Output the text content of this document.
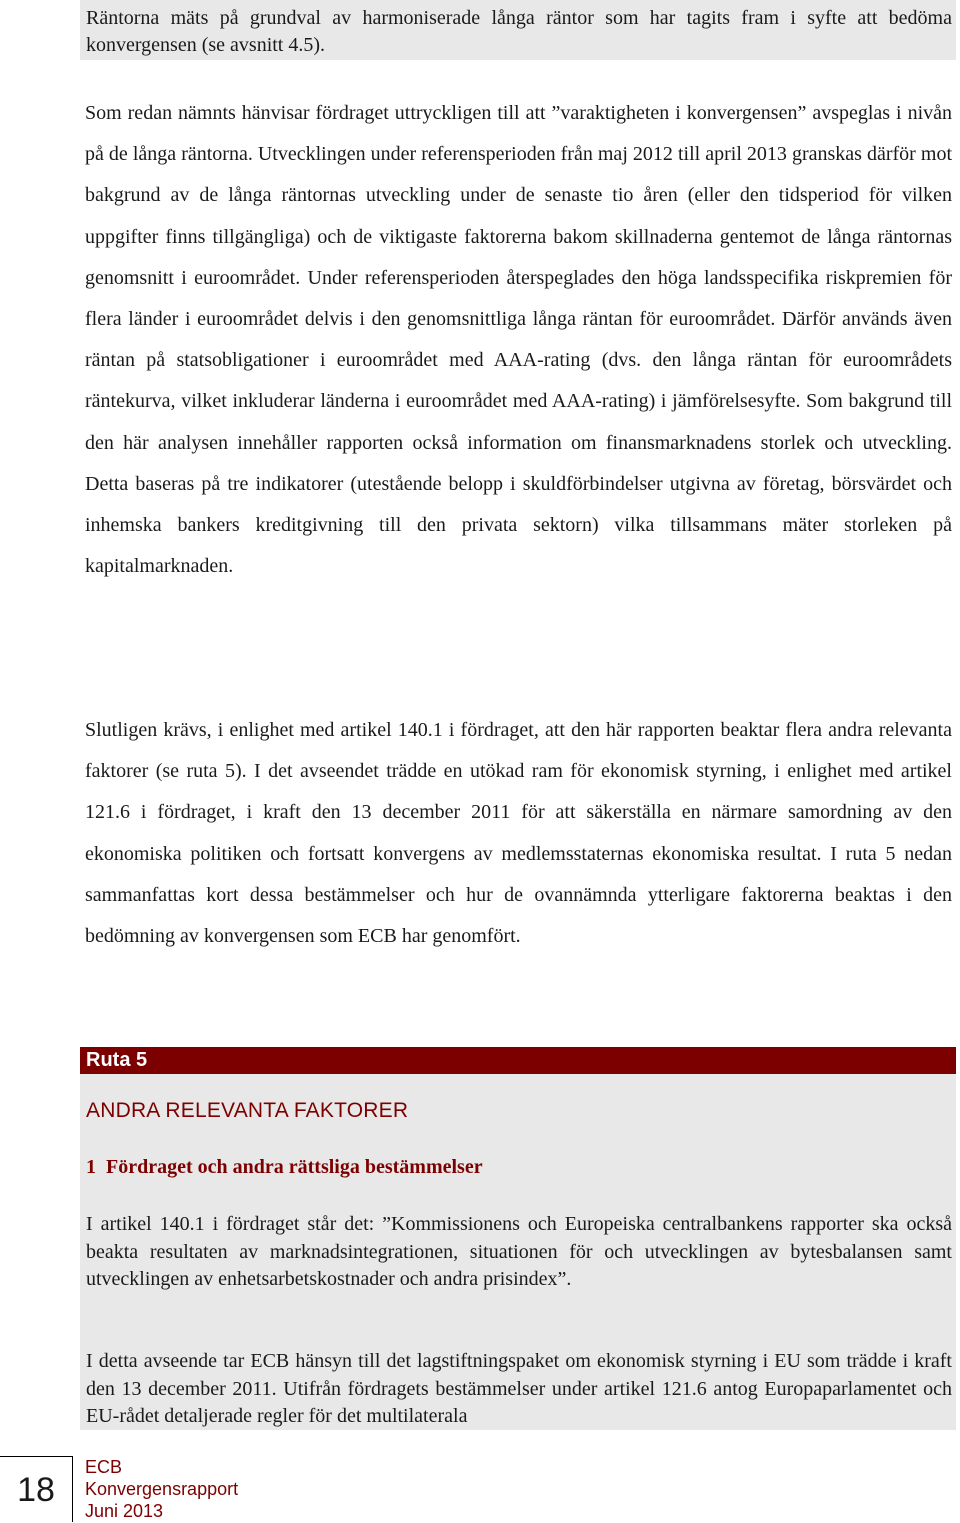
Räntorna mäts på grundval av harmoniserade långa räntor som har tagits fram i syfte att bedöma konvergensen (se avsnitt 4.5).

Som redan nämnts hänvisar fördraget uttryckligen till att ”varaktigheten i konvergensen” avspeglas i nivån på de långa räntorna. Utvecklingen under referensperioden från maj 2012 till april 2013 granskas därför mot bakgrund av de långa räntornas utveckling under de senaste tio åren (eller den tidsperiod för vilken uppgifter finns tillgängliga) och de viktigaste faktorerna bakom skillnaderna gentemot de långa räntornas genomsnitt i euroområdet. Under referensperioden återspeglades den höga landsspecifika riskpremien för flera länder i euroområdet delvis i den genomsnittliga långa räntan för euroområdet. Därför används även räntan på statsobligationer i euroområdet med AAA-rating (dvs. den långa räntan för euroområdets räntekurva, vilket inkluderar länderna i euroområdet med AAA-rating) i jämförelsesyfte. Som bakgrund till den här analysen innehåller rapporten också information om finansmarknadens storlek och utveckling. Detta baseras på tre indikatorer (utestående belopp i skuldförbindelser utgivna av företag, börsvärdet och inhemska bankers kreditgivning till den privata sektorn) vilka tillsammans mäter storleken på kapitalmarknaden.

Slutligen krävs, i enlighet med artikel 140.1 i fördraget, att den här rapporten beaktar flera andra relevanta faktorer (se ruta 5). I det avseendet trädde en utökad ram för ekonomisk styrning, i enlighet med artikel 121.6 i fördraget, i kraft den 13 december 2011 för att säkerställa en närmare samordning av den ekonomiska politiken och fortsatt konvergens av medlemsstaternas ekonomiska resultat. I ruta 5 nedan sammanfattas kort dessa bestämmelser och hur de ovannämnda ytterligare faktorerna beaktas i den bedömning av konvergensen som ECB har genomfört.

Ruta 5
ANDRA RELEVANTA FAKTORER
1 Fördraget och andra rättsliga bestämmelser

I artikel 140.1 i fördraget står det: ”Kommissionens och Europeiska centralbankens rapporter ska också beakta resultaten av marknadsintegrationen, situationen för och utvecklingen av bytesbalansen samt utvecklingen av enhetsarbetskostnader och andra prisindex”.

I detta avseende tar ECB hänsyn till det lagstiftningspaket om ekonomisk styrning i EU som trädde i kraft den 13 december 2011. Utifrån fördragets bestämmelser under artikel 121.6 antog Europaparlamentet och EU-rådet detaljerade regler för det multilaterala

18
ECB
Konvergensrapport
Juni 2013
